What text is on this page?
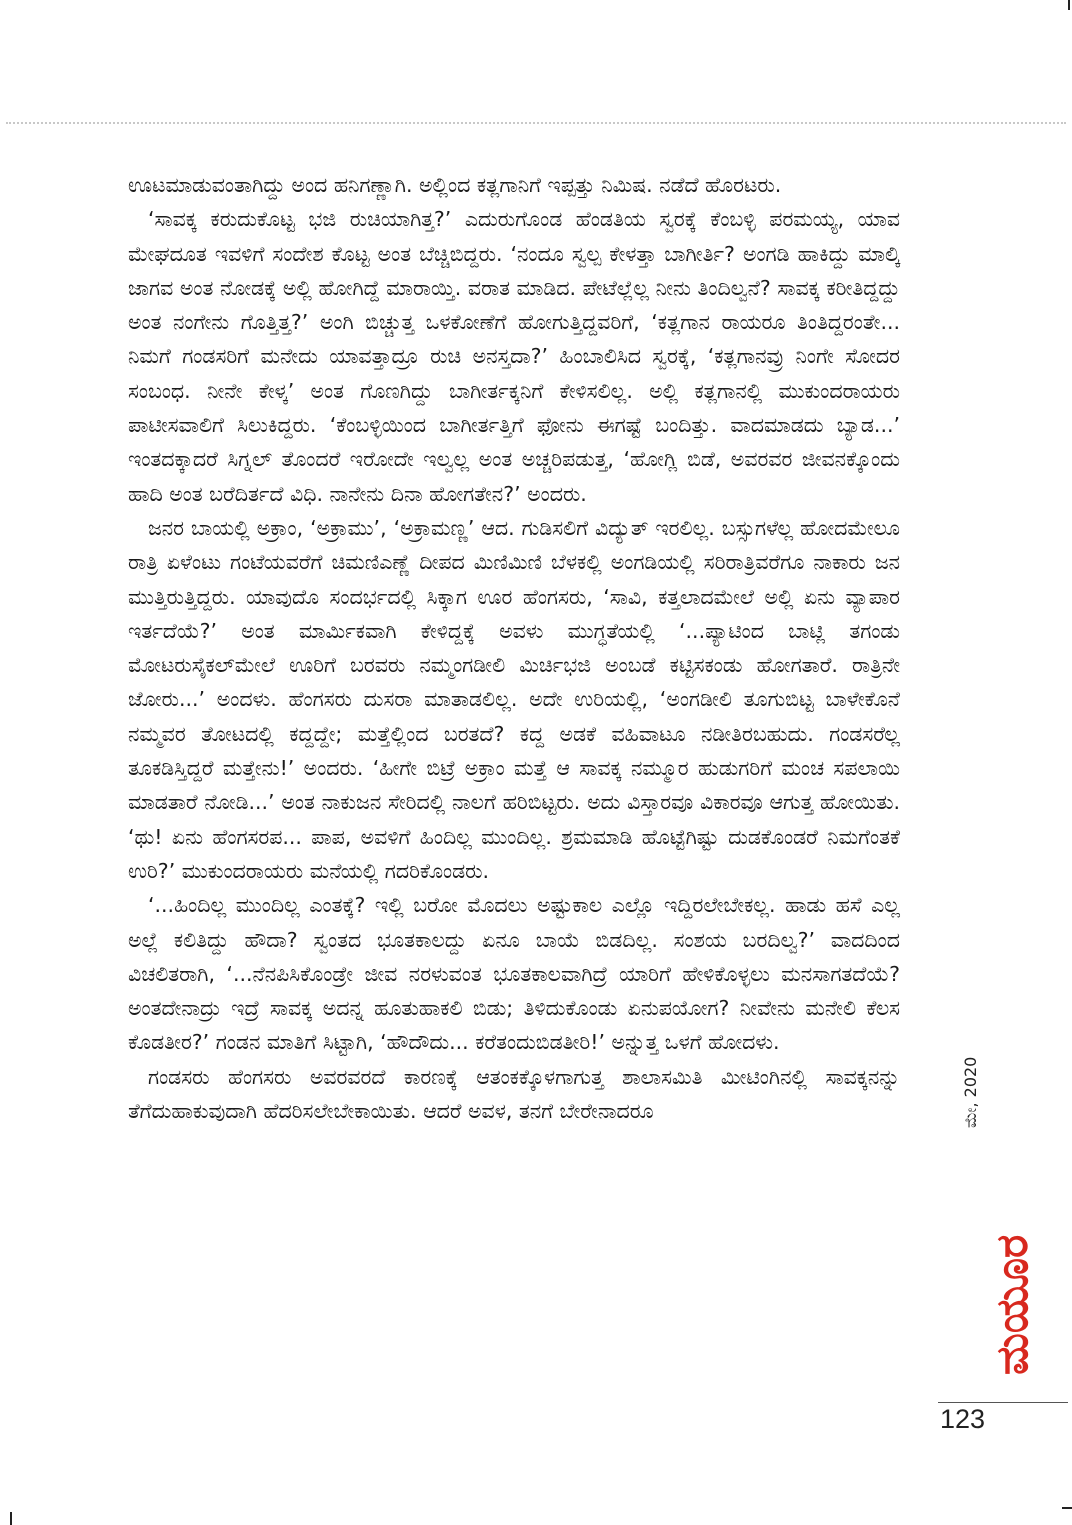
ಊಟಮಾಡುವಂತಾಗಿದ್ದು ಅಂದ ಹನಿಗಣ್ಣಾಗಿ. ಅಲ್ಲಿಂದ ಕತ್ಲಗಾನಿಗೆ ಇಪ್ಪತ್ತು ನಿಮಿಷ. ನಡೆದೆ ಹೊರಟರು.

‘ಸಾವಕ್ಕ ಕರುದುಕೊಟ್ಟ ಭಜಿ ರುಚಿಯಾಗಿತ್ತ?’ ಎದುರುಗೊಂಡ ಹೆಂಡತಿಯ ಸ್ವರಕ್ಕೆ ಕೆಂಬಳ್ಳಿ ಪರಮಯ್ಯ, ಯಾವ ಮೇಘದೂತ ಇವಳಿಗೆ ಸಂದೇಶ ಕೊಟ್ಟ ಅಂತ ಬೆಚ್ಚಿಬಿದ್ದರು. ‘ನಂದೂ ಸ್ವಲ್ಪ ಕೇಳತ್ತಾ ಬಾಗೀರ್ತಿ? ಅಂಗಡಿ ಹಾಕಿದ್ದು ಮಾಲ್ಕಿ ಜಾಗವ ಅಂತ ನೋಡಕ್ಕೆ ಅಲ್ಲಿ ಹೋಗಿದ್ದೆ ಮಾರಾಯ್ತಿ. ವರಾತ ಮಾಡಿದ. ಪೇಟೆಲ್ಲೆಲ್ಲ ನೀನು ತಿಂದಿಲ್ವನೆ? ಸಾವಕ್ಕ ಕರೀತಿದ್ದದ್ದು ಅಂತ ನಂಗೇನು ಗೊತ್ತಿತ್ತ?’ ಅಂಗಿ ಬಿಚ್ಚುತ್ತ ಒಳಕೋಣೆಗೆ ಹೋಗುತ್ತಿದ್ದವರಿಗೆ, ‘ಕತ್ಲಗಾನ ರಾಯರೂ ತಿಂತಿದ್ದರಂತೇ... ನಿಮಗೆ ಗಂಡಸರಿಗೆ ಮನೇದು ಯಾವತ್ತಾದ್ರೂ ರುಚಿ ಅನಸ್ತದಾ?’ ಹಿಂಬಾಲಿಸಿದ ಸ್ವರಕ್ಕೆ, ‘ಕತ್ಲಗಾನವ್ರು ನಿಂಗೇ ಸೋದರ ಸಂಬಂಧ. ನೀನೇ ಕೇಳ್ಕ’ ಅಂತ ಗೊಣಗಿದ್ದು ಬಾಗೀರ್ತಕ್ಕನಿಗೆ ಕೇಳಿಸಲಿಲ್ಲ. ಅಲ್ಲಿ ಕತ್ಲಗಾನಲ್ಲಿ ಮುಕುಂದರಾಯರು ಪಾಟೀಸವಾಲಿಗೆ ಸಿಲುಕಿದ್ದರು. ‘ಕೆಂಬಳ್ಳಿಯಿಂದ ಬಾಗೀರ್ತತ್ತಿಗೆ ಫೋನು ಈಗಷ್ಟೆ ಬಂದಿತ್ತು. ವಾದಮಾಡದು ಬ್ಯಾಡ...’ ಇಂತದಕ್ಕಾದರೆ ಸಿಗ್ನಲ್ ತೊಂದರೆ ಇರೋದೇ ಇಲ್ವಲ್ಲ ಅಂತ ಅಚ್ಚರಿಪಡುತ್ತ, ‘ಹೋಗ್ಲಿ ಬಿಡೆ, ಅವರವರ ಜೀವನಕ್ಕೊಂದು ಹಾದಿ ಅಂತ ಬರೆದಿರ್ತದೆ ವಿಧಿ. ನಾನೇನು ದಿನಾ ಹೋಗತೇನ?’ ಅಂದರು.

ಜನರ ಬಾಯಲ್ಲಿ ಅಕ್ರಾಂ, ‘ಅಕ್ರಾಮು’, ‘ಅಕ್ರಾಮಣ್ಣ’ ಆದ. ಗುಡಿಸಲಿಗೆ ವಿದ್ಯುತ್ ಇರಲಿಲ್ಲ. ಬಸ್ಸುಗಳೆಲ್ಲ ಹೋದಮೇಲೂ ರಾತ್ರಿ ಏಳೆಂಟು ಗಂಟೆಯವರೆಗೆ ಚಿಮಣಿಎಣ್ಣೆ ದೀಪದ ಮಿಣಿಮಿಣಿ ಬೆಳಕಲ್ಲಿ ಅಂಗಡಿಯಲ್ಲಿ ಸರಿರಾತ್ರಿವರೆಗೂ ನಾಕಾರು ಜನ ಮುತ್ತಿರುತ್ತಿದ್ದರು. ಯಾವುದೊ ಸಂದರ್ಭದಲ್ಲಿ ಸಿಕ್ಕಾಗ ಊರ ಹೆಂಗಸರು, ‘ಸಾವಿ, ಕತ್ತಲಾದಮೇಲೆ ಅಲ್ಲಿ ಏನು ವ್ಯಾಪಾರ ಇರ್ತದೆಯೆ?’ ಅಂತ ಮಾರ್ಮಿಕವಾಗಿ ಕೇಳಿದ್ದಕ್ಕೆ ಅವಳು ಮುಗ್ಧತೆಯಲ್ಲಿ ‘...ಪ್ಯಾಟಿಂದ ಬಾಟ್ಲಿ ತಗಂಡು ಮೋಟರುಸೈಕಲ್‌ಮೇಲೆ ಊರಿಗೆ ಬರವರು ನಮ್ಮಂಗಡೀಲಿ ಮಿರ್ಚಿಭಜಿ ಅಂಬಡೆ ಕಟ್ಟಿಸಕಂಡು ಹೋಗತಾರೆ. ರಾತ್ರಿನೇ ಜೋರು...’ ಅಂದಳು. ಹೆಂಗಸರು ದುಸರಾ ಮಾತಾಡಲಿಲ್ಲ. ಅದೇ ಉರಿಯಲ್ಲಿ, ‘ಅಂಗಡೀಲಿ ತೂಗುಬಿಟ್ಟ ಬಾಳೇಕೊನೆ ನಮ್ಮವರ ತೋಟದಲ್ಲಿ ಕದ್ದದ್ದೇ; ಮತ್ತೆಲ್ಲಿಂದ ಬರತದೆ? ಕದ್ದ ಅಡಕೆ ವಹಿವಾಟೂ ನಡೀತಿರಬಹುದು. ಗಂಡಸರೆಲ್ಲ ತೂಕಡಿಸ್ತಿದ್ದರೆ ಮತ್ತೇನು!’ ಅಂದರು. ‘ಹೀಗೇ ಬಿಟ್ರೆ ಅಕ್ರಾಂ ಮತ್ತೆ ಆ ಸಾವಕ್ಕ ನಮ್ಮೂರ ಹುಡುಗರಿಗೆ ಮಂಚ ಸಪಲಾಯಿ ಮಾಡತಾರೆ ನೋಡಿ...’ ಅಂತ ನಾಕುಜನ ಸೇರಿದಲ್ಲಿ ನಾಲಗೆ ಹರಿಬಿಟ್ಟರು. ಅದು ವಿಸ್ತಾರವೂ ವಿಕಾರವೂ ಆಗುತ್ತ ಹೋಯಿತು. ‘ಥು! ಏನು ಹೆಂಗಸರಪ... ಪಾಪ, ಅವಳಿಗೆ ಹಿಂದಿಲ್ಲ ಮುಂದಿಲ್ಲ. ಶ್ರಮಮಾಡಿ ಹೊಟ್ಟೆಗಿಷ್ಟು ದುಡಕೊಂಡರೆ ನಿಮಗೆಂತಕೆ ಉರಿ?’ ಮುಕುಂದರಾಯರು ಮನೆಯಲ್ಲಿ ಗದರಿಕೊಂಡರು.

‘...ಹಿಂದಿಲ್ಲ ಮುಂದಿಲ್ಲ ಎಂತಕ್ಕೆ? ಇಲ್ಲಿ ಬರೋ ಮೊದಲು ಅಷ್ಟುಕಾಲ ಎಲ್ಲೊ ಇದ್ದಿರಲೇಬೇಕಲ್ಲ. ಹಾಡು ಹಸೆ ಎಲ್ಲ ಅಲ್ಲೆ ಕಲಿತಿದ್ದು ಹೌದಾ? ಸ್ವಂತದ ಭೂತಕಾಲದ್ದು ಏನೂ ಬಾಯೆ ಬಿಡದಿಲ್ಲ. ಸಂಶಯ ಬರದಿಲ್ವ?’ ವಾದದಿಂದ ವಿಚಲಿತರಾಗಿ, ‘...ನೆನಪಿಸಿಕೊಂಡ್ರೇ ಜೀವ ನರಳುವಂತ ಭೂತಕಾಲವಾಗಿದ್ರೆ ಯಾರಿಗೆ ಹೇಳಿಕೊಳ್ಳಲು ಮನಸಾಗತದೆಯೆ? ಅಂತದೇನಾದ್ರು ಇದ್ರೆ ಸಾವಕ್ಕ ಅದನ್ನ ಹೂತುಹಾಕಲಿ ಬಿಡು; ತಿಳಿದುಕೊಂಡು ಏನುಪಯೋಗ? ನೀವೇನು ಮನೇಲಿ ಕೆಲಸ ಕೊಡತೀರ?’ ಗಂಡನ ಮಾತಿಗೆ ಸಿಟ್ಟಾಗಿ, ‘ಹೌದೌದು... ಕರೆತಂದುಬಿಡತೀರಿ!’ ಅನ್ನುತ್ತ ಒಳಗೆ ಹೋದಳು.

ಗಂಡಸರು ಹೆಂಗಸರು ಅವರವರದೆ ಕಾರಣಕ್ಕೆ ಆತಂಕಕ್ಕೊಳಗಾಗುತ್ತ ಶಾಲಾಸಮಿತಿ ಮೀಟಿಂಗಿನಲ್ಲಿ ಸಾವಕ್ಕನನ್ನು ತೆಗೆದುಹಾಕುವುದಾಗಿ ಹೆದರಿಸಲೇಬೇಕಾಯಿತು. ಆದರೆ ಅವಳ, ತನಗೆ ಬೇರೇನಾದರೂ	ಮೇ, 2020
ಮಯೂರ
123
